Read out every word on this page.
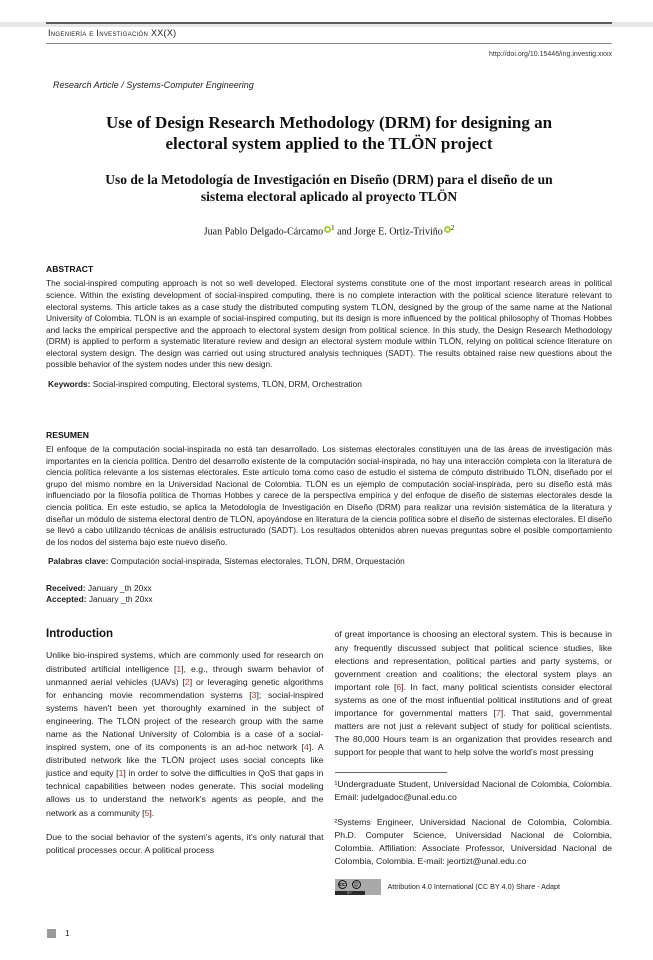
Ingeniería e Investigación XX(X)
http://doi.org/10.15446/ing.investig.xxxx
Research Article / Systems-Computer Engineering
Use of Design Research Methodology (DRM) for designing an electoral system applied to the TLÖN project
Uso de la Metodología de Investigación en Diseño (DRM) para el diseño de un sistema electoral aplicado al proyecto TLÖN
Juan Pablo Delgado-Cárcamo $^1$ and Jorge E. Ortiz-Triviño $^2$
ABSTRACT

The social-inspired computing approach is not so well developed. Electoral systems constitute one of the most important research areas in political science. Within the existing development of social-inspired computing, there is no complete interaction with the political science literature relevant to electoral systems. This article takes as a case study the distributed computing system TLÖN, designed by the group of the same name at the National University of Colombia. TLÖN is an example of social-inspired computing, but its design is more influenced by the political philosophy of Thomas Hobbes and lacks the empirical perspective and the approach to electoral system design from political science. In this study, the Design Research Methodology (DRM) is applied to perform a systematic literature review and design an electoral system module within TLÖN, relying on political science literature on electoral system design. The design was carried out using structured analysis techniques (SADT). The results obtained raise new questions about the possible behavior of the system nodes under this new design.

Keywords: Social-inspired computing, Electoral systems, TLÖN, DRM, Orchestration

RESUMEN

El enfoque de la computación social-inspirada no está tan desarrollado. Los sistemas electorales constituyen una de las áreas de investigación más importantes en la ciencia política. Dentro del desarrollo existente de la computación social-inspirada, no hay una interacción completa con la literatura de ciencia política relevante a los sistemas electorales. Este artículo toma como caso de estudio el sistema de cómputo distribuido TLÖN, diseñado por el grupo del mismo nombre en la Universidad Nacional de Colombia. TLÖN es un ejemplo de computación social-inspirada, pero su diseño está más influenciado por la filosofía política de Thomas Hobbes y carece de la perspectiva empírica y del enfoque de diseño de sistemas electorales desde la ciencia política. En este estudio, se aplica la Metodología de Investigación en Diseño (DRM) para realizar una revisión sistemática de la literatura y diseñar un módulo de sistema electoral dentro de TLÖN, apoyándose en literatura de la ciencia política sobre el diseño de sistemas electorales. El diseño se llevó a cabo utilizando técnicas de análisis estructurado (SADT). Los resultados obtenidos abren nuevas preguntas sobre el posible comportamiento de los nodos del sistema bajo este nuevo diseño.

Palabras clave: Computación social-inspirada, Sistemas electorales, TLÖN, DRM, Orquestación

Received: January _th 20xx
Accepted: January _th 20xx
Introduction

Unlike bio-inspired systems, which are commonly used for research on distributed artificial intelligence [1], e.g., through swarm behavior of unmanned aerial vehicles (UAVs) [2] or leveraging genetic algorithms for enhancing movie recommendation systems [3]; social-inspired systems haven't been yet thoroughly examined in the subject of engineering. The TLÖN project of the research group with the same name as the National University of Colombia is a case of a social-inspired system, one of its components is an ad-hoc network [4]. A distributed network like the TLÖN project uses social concepts like justice and equity [1] in order to solve the difficulties in QoS that gaps in technical capabilities between nodes generate. This social modeling allows us to understand the network's agents as people, and the network as a community [5].

Due to the social behavior of the system's agents, it's only natural that political processes occur. A political process

of great importance is choosing an electoral system. This is because in any frequently discussed subject that political science studies, like elections and representation, political parties and party systems, or government creation and coalitions; the electoral system plays an important role [6]. In fact, many political scientists consider electoral systems as one of the most influential political institutions and of great importance for governmental matters [7]. That said, governmental matters are not just a relevant subject of study for political scientists. The 80,000 Hours team is an organization that provides research and support for people that want to help solve the world's most pressing

¹Undergraduate Student, Universidad Nacional de Colombia, Colombia. Email: judelgadoc@unal.edu.co

²Systems Engineer, Universidad Nacional de Colombia, Colombia. Ph.D. Computer Science, Universidad Nacional de Colombia, Colombia. Affiliation: Associate Professor, Universidad Nacional de Colombia, Colombia. E-mail: jeortizt@unal.edu.co

cc	☺
BY
Attribution 4.0 International (CC BY 4.0) Share - Adapt
1
